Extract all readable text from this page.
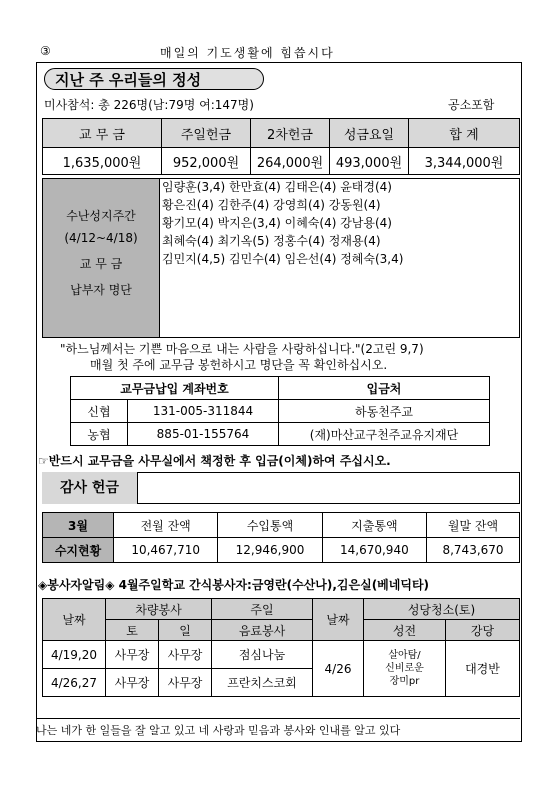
③	매일의 기도생활에 힘씁시다
지난 주 우리들의 정성
미사참석: 총 226명(남:79명 여:147명)	공소포함
교 무 금	주일헌금	2차헌금	성금요일	합 계
1,635,000원	952,000원	264,000원	493,000원	3,344,000원
수난성지주간
(4/12~4/18)
교 무 금
납부자 명단
임량훈(3,4) 한만효(4) 김태은(4) 윤태경(4)
황은진(4) 김한주(4) 강영희(4) 강동원(4)
황기모(4) 박지은(3,4) 이혜숙(4) 강남용(4)
최혜숙(4) 최기옥(5) 정홍수(4) 정재용(4)
김민지(4,5) 김민수(4) 임은선(4) 정혜숙(3,4)
"하느님께서는 기쁜 마음으로 내는 사람을 사랑하십니다."(2고린 9,7)
매월 첫 주에 교무금 봉헌하시고 명단을 꼭 확인하십시오.
교무금납입 계좌번호		입금처
신협	131-005-311844	하동천주교
농협	885-01-155764	(재)마산교구천주교유지재단
☞반드시 교무금을 사무실에서 책정한 후 입금(이체)하여 주십시오.
감사 헌금
3월	전월 잔액	수입통액	지출통액	월말 잔액
수지현황	10,467,710	12,946,900	14,670,940	8,743,670
◈봉사자알림◈ 4월주일학교 간식봉사자:금영란(수산나),김은실(베네딕타)
날짜	차량봉사		주일	날짜	성당청소(토)	
	토	일	음료봉사		성전	강당
4/19,20	사무장	사무장	점심나눔	4/26	살아탐/
신비로운
장미pr	대경반
4/26,27	사무장	사무장	프란치스코회			
나는 네가 한 일들을 잘 알고 있고 네 사랑과 믿음과 봉사와 인내를 알고 있다
